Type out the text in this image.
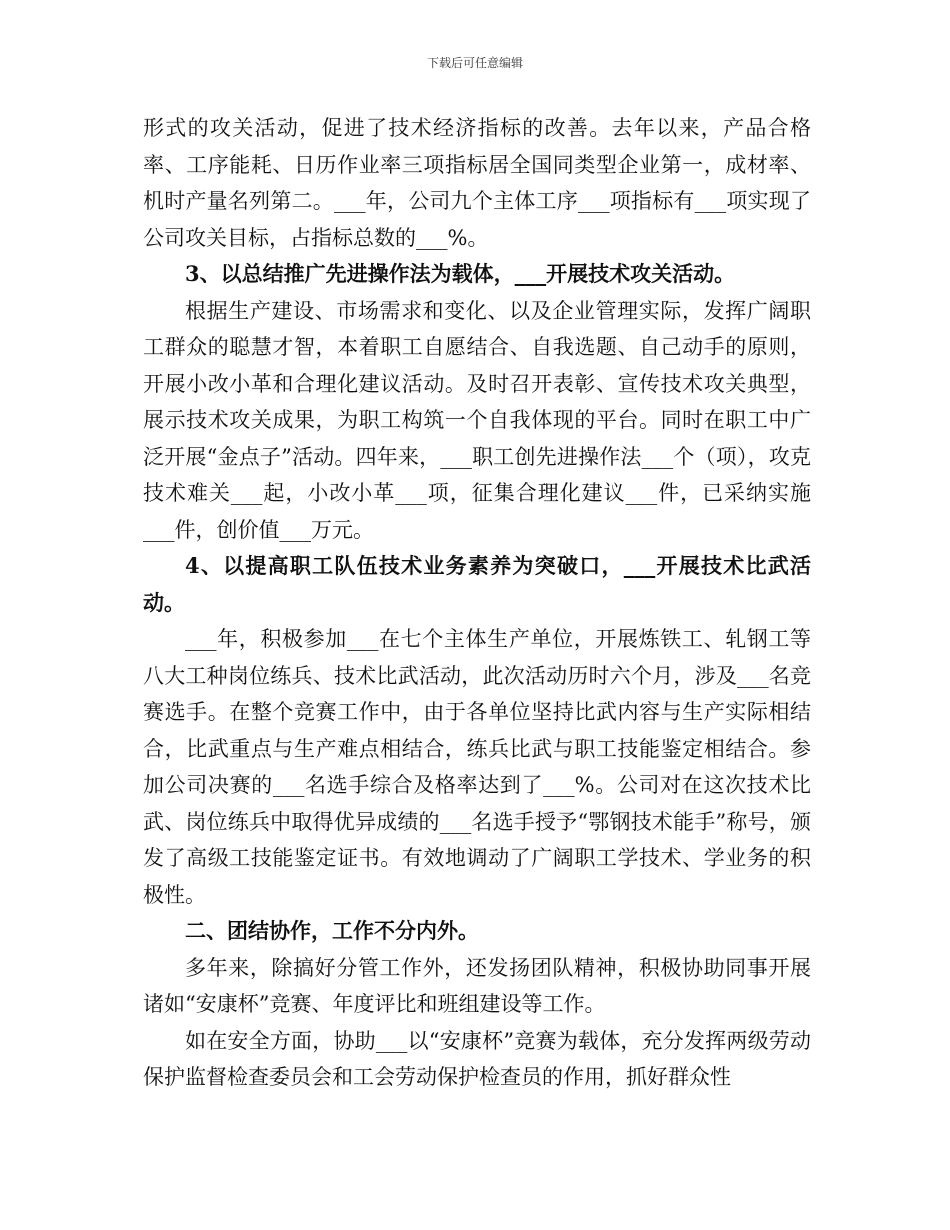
下载后可任意编辑

形式的攻关活动，促进了技术经济指标的改善。去年以来，产品合格率、工序能耗、日历作业率三项指标居全国同类型企业第一，成材率、机时产量名列第二。___年，公司九个主体工序___项指标有___项实现了公司攻关目标，占指标总数的___%。

3、以总结推广先进操作法为载体，___开展技术攻关活动。

根据生产建设、市场需求和变化、以及企业管理实际，发挥广阔职工群众的聪慧才智，本着职工自愿结合、自我选题、自己动手的原则，开展小改小革和合理化建议活动。及时召开表彰、宣传技术攻关典型，展示技术攻关成果，为职工构筑一个自我体现的平台。同时在职工中广泛开展“金点子”活动。四年来，___职工创先进操作法___个（项），攻克技术难关___起，小改小革___项，征集合理化建议___件，已采纳实施___件，创价值___万元。

4、以提高职工队伍技术业务素养为突破口，___开展技术比武活动。

___年，积极参加___在七个主体生产单位，开展炼铁工、轧钢工等八大工种岗位练兵、技术比武活动，此次活动历时六个月，涉及___名竞赛选手。在整个竞赛工作中，由于各单位坚持比武内容与生产实际相结合，比武重点与生产难点相结合，练兵比武与职工技能鉴定相结合。参加公司决赛的___名选手综合及格率达到了___%。公司对在这次技术比武、岗位练兵中取得优异成绩的___名选手授予“鄂钢技术能手”称号，颁发了高级工技能鉴定证书。有效地调动了广阔职工学技术、学业务的积极性。

二、团结协作，工作不分内外。

多年来，除搞好分管工作外，还发扬团队精神，积极协助同事开展诸如“安康杯”竞赛、年度评比和班组建设等工作。

如在安全方面，协助___以“安康杯”竞赛为载体，充分发挥两级劳动保护监督检查委员会和工会劳动保护检查员的作用，抓好群众性
